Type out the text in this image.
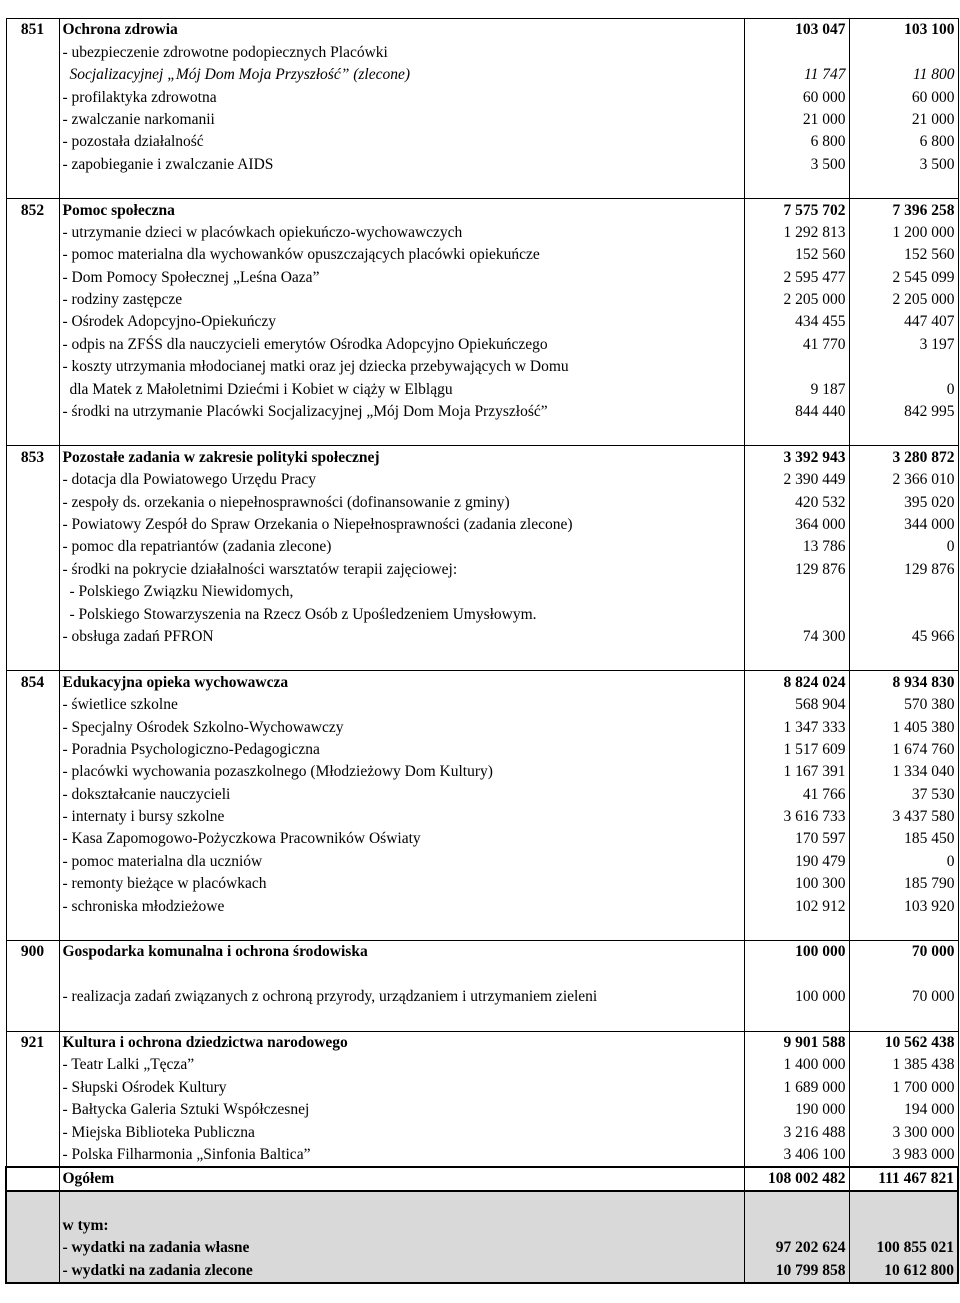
851	Ochrona zdrowia	103 047	103 100
	- ubezpieczenie zdrowotne podopiecznych Placówki		
	Socjalizacyjnej „Mój Dom Moja Przyszłość” (zlecone)	11 747	11 800
	- profilaktyka zdrowotna	60 000	60 000
	- zwalczanie narkomanii	21 000	21 000
	- pozostała działalność	6 800	6 800
	- zapobieganie i zwalczanie AIDS	3 500	3 500

852	Pomoc społeczna	7 575 702	7 396 258
	- utrzymanie dzieci w placówkach opiekuńczo-wychowawczych	1 292 813	1 200 000
	- pomoc materialna dla wychowanków opuszczających placówki opiekuńcze	152 560	152 560
	- Dom Pomocy Społecznej „Leśna Oaza”	2 595 477	2 545 099
	- rodziny zastępcze	2 205 000	2 205 000
	- Ośrodek Adopcyjno-Opiekuńczy	434 455	447 407
	- odpis na ZFŚS dla nauczycieli emerytów Ośrodka Adopcyjno Opiekuńczego	41 770	3 197
	- koszty utrzymania młodocianej matki oraz jej dziecka przebywających w Domu		
	dla Matek z Małoletnimi Dziećmi i Kobiet w ciąży w Elblągu	9 187	0
	- środki na utrzymanie Placówki Socjalizacyjnej „Mój Dom Moja Przyszłość”	844 440	842 995

853	Pozostałe zadania w zakresie polityki społecznej	3 392 943	3 280 872
	- dotacja dla Powiatowego Urzędu Pracy	2 390 449	2 366 010
	- zespoły ds. orzekania o niepełnosprawności (dofinansowanie z gminy)	420 532	395 020
	- Powiatowy Zespół do Spraw Orzekania o Niepełnosprawności (zadania zlecone)	364 000	344 000
	- pomoc dla repatriantów (zadania zlecone)	13 786	0
	- środki na pokrycie działalności warsztatów terapii zajęciowej:	129 876	129 876
	- Polskiego Związku Niewidomych,		
	- Polskiego Stowarzyszenia na Rzecz Osób z Upośledzeniem Umysłowym.		
	- obsługa zadań PFRON	74 300	45 966

854	Edukacyjna opieka wychowawcza	8 824 024	8 934 830
	- świetlice szkolne	568 904	570 380
	- Specjalny Ośrodek Szkolno-Wychowawczy	1 347 333	1 405 380
	- Poradnia Psychologiczno-Pedagogiczna	1 517 609	1 674 760
	- placówki wychowania pozaszkolnego (Młodzieżowy Dom Kultury)	1 167 391	1 334 040
	- dokształcanie nauczycieli	41 766	37 530
	- internaty i bursy szkolne	3 616 733	3 437 580
	- Kasa Zapomogowo-Pożyczkowa Pracowników Oświaty	170 597	185 450
	- pomoc materialna dla uczniów	190 479	0
	- remonty bieżące w placówkach	100 300	185 790
	- schroniska młodzieżowe	102 912	103 920

900	Gospodarka komunalna i ochrona środowiska	100 000	70 000

	- realizacja zadań związanych z ochroną przyrody, urządzaniem i utrzymaniem zieleni	100 000	70 000

921	Kultura i ochrona dziedzictwa narodowego	9 901 588	10 562 438
	- Teatr Lalki „Tęcza”	1 400 000	1 385 438
	- Słupski Ośrodek Kultury	1 689 000	1 700 000
	- Bałtycka Galeria Sztuki Współczesnej	190 000	194 000
	- Miejska Biblioteka Publiczna	3 216 488	3 300 000
	- Polska Filharmonia „Sinfonia Baltica”	3 406 100	3 983 000
	Ogółem	108 002 482	111 467 821

	w tym:		
	- wydatki na zadania własne	97 202 624	100 855 021
	- wydatki na zadania zlecone	10 799 858	10 612 800
